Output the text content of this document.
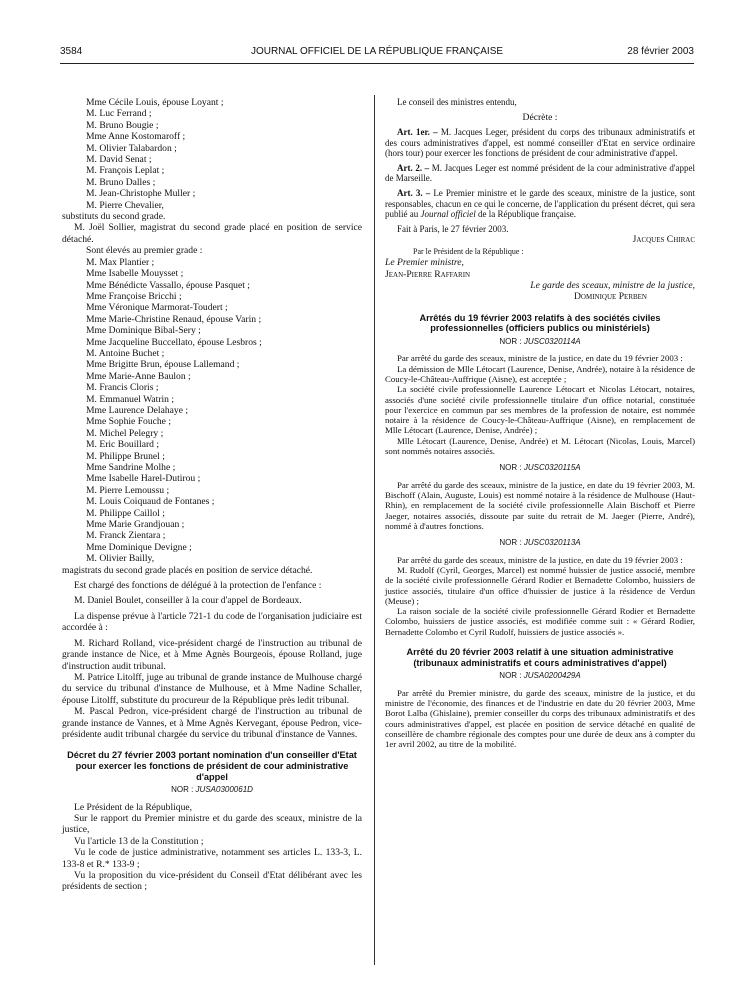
3584	JOURNAL OFFICIEL DE LA RÉPUBLIQUE FRANÇAISE	28 février 2003
Mme Cécile Louis, épouse Loyant ;
M. Luc Ferrand ;
M. Bruno Bougie ;
Mme Anne Kostomaroff ;
M. Olivier Talabardon ;
M. David Senat ;
M. François Leplat ;
M. Bruno Dalles ;
M. Jean-Christophe Muller ;
M. Pierre Chevalier,
substituts du second grade.

M. Joël Sollier, magistrat du second grade placé en position de service détaché.

Sont élevés au premier grade :
M. Max Plantier ;
Mme Isabelle Mouysset ;
Mme Bénédicte Vassallo, épouse Pasquet ;
Mme Françoise Bricchi ;
Mme Véronique Marmorat-Toudert ;
Mme Marie-Christine Renaud, épouse Varin ;
Mme Dominique Bibal-Sery ;
Mme Jacqueline Buccellato, épouse Lesbros ;
M. Antoine Buchet ;
Mme Brigitte Brun, épouse Lallemand ;
Mme Marie-Anne Baulon ;
M. Francis Cloris ;
M. Emmanuel Watrin ;
Mme Laurence Delahaye ;
Mme Sophie Fouche ;
M. Michel Pelegry ;
M. Eric Bouillard ;
M. Philippe Brunel ;
Mme Sandrine Molhe ;
Mme Isabelle Harel-Dutirou ;
M. Pierre Lemoussu ;
M. Louis Coiquaud de Fontanes ;
M. Philippe Caillol ;
Mme Marie Grandjouan ;
M. Franck Zientara ;
Mme Dominique Devigne ;
M. Olivier Bailly,

magistrats du second grade placés en position de service détaché.

Est chargé des fonctions de délégué à la protection de l'enfance :

M. Daniel Boulet, conseiller à la cour d'appel de Bordeaux.

La dispense prévue à l'article 721-1 du code de l'organisation judiciaire est accordée à :

M. Richard Rolland, vice-président chargé de l'instruction au tribunal de grande instance de Nice, et à Mme Agnès Bourgeois, épouse Rolland, juge d'instruction audit tribunal.

M. Patrice Litolff, juge au tribunal de grande instance de Mulhouse chargé du service du tribunal d'instance de Mulhouse, et à Mme Nadine Schaller, épouse Litolff, substitute du procureur de la République près ledit tribunal.

M. Pascal Pedron, vice-président chargé de l'instruction au tribunal de grande instance de Vannes, et à Mme Agnès Kervegant, épouse Pedron, vice-présidente audit tribunal chargée du service du tribunal d'instance de Vannes.

Décret du 27 février 2003 portant nomination d'un conseiller d'Etat pour exercer les fonctions de président de cour administrative d'appel
NOR : JUSA0300061D

Le Président de la République,

Sur le rapport du Premier ministre et du garde des sceaux, ministre de la justice,

Vu l'article 13 de la Constitution ;

Vu le code de justice administrative, notamment ses articles L. 133-3, L. 133-8 et R.* 133-9 ;

Vu la proposition du vice-président du Conseil d'Etat délibérant avec les présidents de section ;

Le conseil des ministres entendu,

Décrète :

Art. 1er. – M. Jacques Leger, président du corps des tribunaux administratifs et des cours administratives d'appel, est nommé conseiller d'Etat en service ordinaire (hors tour) pour exercer les fonctions de président de cour administrative d'appel.

Art. 2. – M. Jacques Leger est nommé président de la cour administrative d'appel de Marseille.

Art. 3. – Le Premier ministre et le garde des sceaux, ministre de la justice, sont responsables, chacun en ce qui le concerne, de l'application du présent décret, qui sera publié au Journal officiel de la République française.

Fait à Paris, le 27 février 2003.

Jacques Chirac
Par le Président de la République :
Le Premier ministre,
Jean-Pierre Raffarin
Le garde des sceaux, ministre de la justice,
Dominique Perben
Arrêtés du 19 février 2003 relatifs à des sociétés civiles professionnelles (officiers publics ou ministériels)
NOR : JUSC0320114A

Par arrêté du garde des sceaux, ministre de la justice, en date du 19 février 2003 :

La démission de Mlle Létocart (Laurence, Denise, Andrée), notaire à la résidence de Coucy-le-Château-Auffrique (Aisne), est acceptée ;

La société civile professionnelle Laurence Létocart et Nicolas Létocart, notaires, associés d'une société civile professionnelle titulaire d'un office notarial, constituée pour l'exercice en commun par ses membres de la profession de notaire, est nommée notaire à la résidence de Coucy-le-Château-Auffrique (Aisne), en remplacement de Mlle Létocart (Laurence, Denise, Andrée) ;

Mlle Létocart (Laurence, Denise, Andrée) et M. Létocart (Nicolas, Louis, Marcel) sont nommés notaires associés.

NOR : JUSC0320115A

Par arrêté du garde des sceaux, ministre de la justice, en date du 19 février 2003, M. Bischoff (Alain, Auguste, Louis) est nommé notaire à la résidence de Mulhouse (Haut-Rhin), en remplacement de la société civile professionnelle Alain Bischoff et Pierre Jaeger, notaires associés, dissoute par suite du retrait de M. Jaeger (Pierre, André), nommé à d'autres fonctions.

NOR : JUSC0320113A

Par arrêté du garde des sceaux, ministre de la justice, en date du 19 février 2003 :

M. Rudolf (Cyril, Georges, Marcel) est nommé huissier de justice associé, membre de la société civile professionnelle Gérard Rodier et Bernadette Colombo, huissiers de justice associés, titulaire d'un office d'huissier de justice à la résidence de Verdun (Meuse) ;

La raison sociale de la société civile professionnelle Gérard Rodier et Bernadette Colombo, huissiers de justice associés, est modifiée comme suit : « Gérard Rodier, Bernadette Colombo et Cyril Rudolf, huissiers de justice associés ».

Arrêté du 20 février 2003 relatif à une situation administrative (tribunaux administratifs et cours administratives d'appel)
NOR : JUSA0200429A

Par arrêté du Premier ministre, du garde des sceaux, ministre de la justice, et du ministre de l'économie, des finances et de l'industrie en date du 20 février 2003, Mme Borot Lalba (Ghislaine), premier conseiller du corps des tribunaux administratifs et des cours administratives d'appel, est placée en position de service détaché en qualité de conseillère de chambre régionale des comptes pour une durée de deux ans à compter du 1er avril 2002, au titre de la mobilité.
